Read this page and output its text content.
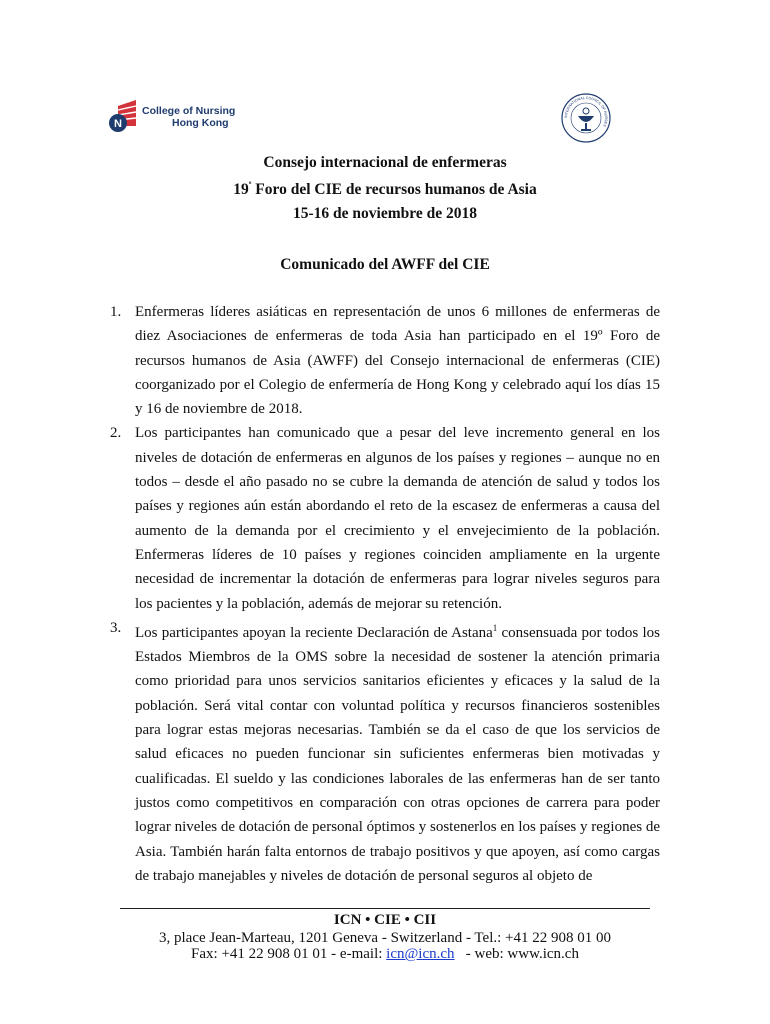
N
College of Nursing
Hong Kong	INTERNATIONAL COUNCIL OF NURSES
Consejo internacional de enfermeras
$19^º$ Foro del CIE de recursos humanos de Asia
15-16 de noviembre de 2018
Comunicado del AWFF del CIE
1. Enfermeras líderes asiáticas en representación de unos 6 millones de enfermeras de diez Asociaciones de enfermeras de toda Asia han participado en el 19º Foro de recursos humanos de Asia (AWFF) del Consejo internacional de enfermeras (CIE) coorganizado por el Colegio de enfermería de Hong Kong y celebrado aquí los días 15 y 16 de noviembre de 2018.
2. Los participantes han comunicado que a pesar del leve incremento general en los niveles de dotación de enfermeras en algunos de los países y regiones – aunque no en todos – desde el año pasado no se cubre la demanda de atención de salud y todos los países y regiones aún están abordando el reto de la escasez de enfermeras a causa del aumento de la demanda por el crecimiento y el envejecimiento de la población. Enfermeras líderes de 10 países y regiones coinciden ampliamente en la urgente necesidad de incrementar la dotación de enfermeras para lograr niveles seguros para los pacientes y la población, además de mejorar su retención.
3. Los participantes apoyan la reciente Declaración de Astana$^1$ consensuada por todos los Estados Miembros de la OMS sobre la necesidad de sostener la atención primaria como prioridad para unos servicios sanitarios eficientes y eficaces y la salud de la población. Será vital contar con voluntad política y recursos financieros sostenibles para lograr estas mejoras necesarias. También se da el caso de que los servicios de salud eficaces no pueden funcionar sin suficientes enfermeras bien motivadas y cualificadas. El sueldo y las condiciones laborales de las enfermeras han de ser tanto justos como competitivos en comparación con otras opciones de carrera para poder lograr niveles de dotación de personal óptimos y sostenerlos en los países y regiones de Asia. También harán falta entornos de trabajo positivos y que apoyen, así como cargas de trabajo manejables y niveles de dotación de personal seguros al objeto de
ICN • CIE • CII
3, place Jean-Marteau, 1201 Geneva - Switzerland - Tel.: +41 22 908 01 00
Fax: +41 22 908 01 01 - e-mail: icn@icn.ch   - web: www.icn.ch
